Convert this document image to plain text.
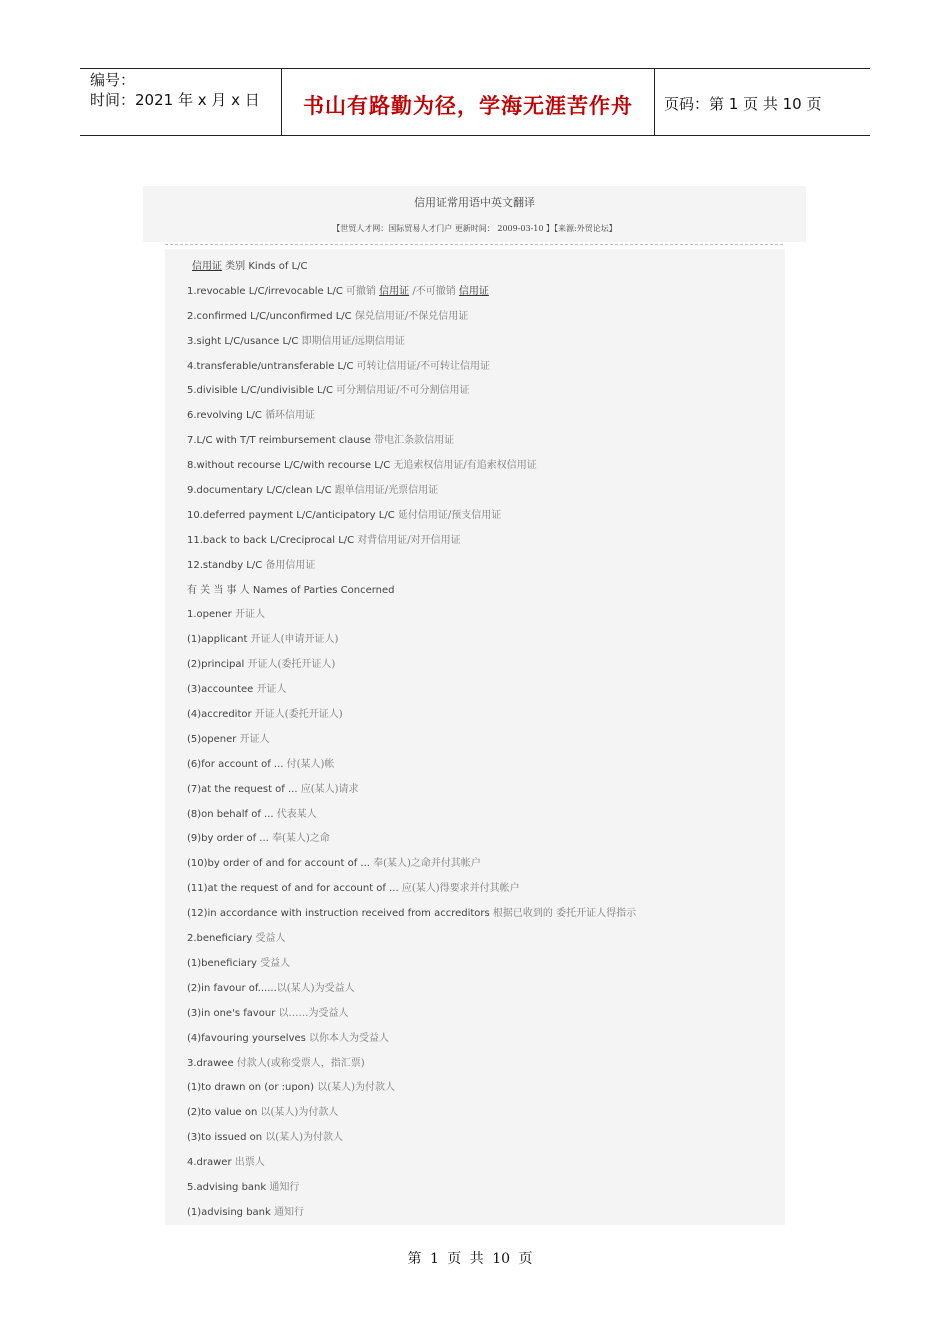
编号：
时间：2021 年 x 月 x 日	书山有路勤为径，学海无涯苦作舟	页码：第 1 页 共 10 页
信用证常用语中英文翻译
【世贸人才网：国际贸易人才门户 更新时间： 2009-03-10 】【来源:外贸论坛】
信用证 类别 Kinds of L/C
1.revocable L/C/irrevocable L/C 可撤销 信用证 /不可撤销 信用证
2.confirmed L/C/unconfirmed L/C 保兑信用证/不保兑信用证
3.sight L/C/usance L/C 即期信用证/远期信用证
4.transferable/untransferable L/C 可转让信用证/不可转让信用证
5.divisible L/C/undivisible L/C 可分割信用证/不可分割信用证
6.revolving L/C 循环信用证
7.L/C with T/T reimbursement clause 带电汇条款信用证
8.without recourse L/C/with recourse L/C 无追索权信用证/有追索权信用证
9.documentary L/C/clean L/C 跟单信用证/光票信用证
10.deferred payment L/C/anticipatory L/C 延付信用证/预支信用证
11.back to back L/Creciprocal L/C 对背信用证/对开信用证
12.standby L/C 备用信用证
有 关 当 事 人 Names of Parties Concerned
1.opener 开证人
(1)applicant 开证人(申请开证人)
(2)principal 开证人(委托开证人)
(3)accountee 开证人
(4)accreditor 开证人(委托开证人)
(5)opener 开证人
(6)for account of ... 付(某人)帐
(7)at the request of ... 应(某人)请求
(8)on behalf of ... 代表某人
(9)by order of ... 奉(某人)之命
(10)by order of and for account of ... 奉(某人)之命并付其帐户
(11)at the request of and for account of ... 应(某人)得要求并付其帐户
(12)in accordance with instruction received from accreditors 根据已收到的 委托开证人得指示
2.beneficiary 受益人
(1)beneficiary 受益人
(2)in favour of......以(某人)为受益人
(3)in one's favour 以……为受益人
(4)favouring yourselves 以你本人为受益人
3.drawee 付款人(或称受票人，指汇票)
(1)to drawn on (or :upon) 以(某人)为付款人
(2)to value on 以(某人)为付款人
(3)to issued on 以(某人)为付款人
4.drawer 出票人
5.advising bank 通知行
(1)advising bank 通知行
第 1 页 共 10 页
